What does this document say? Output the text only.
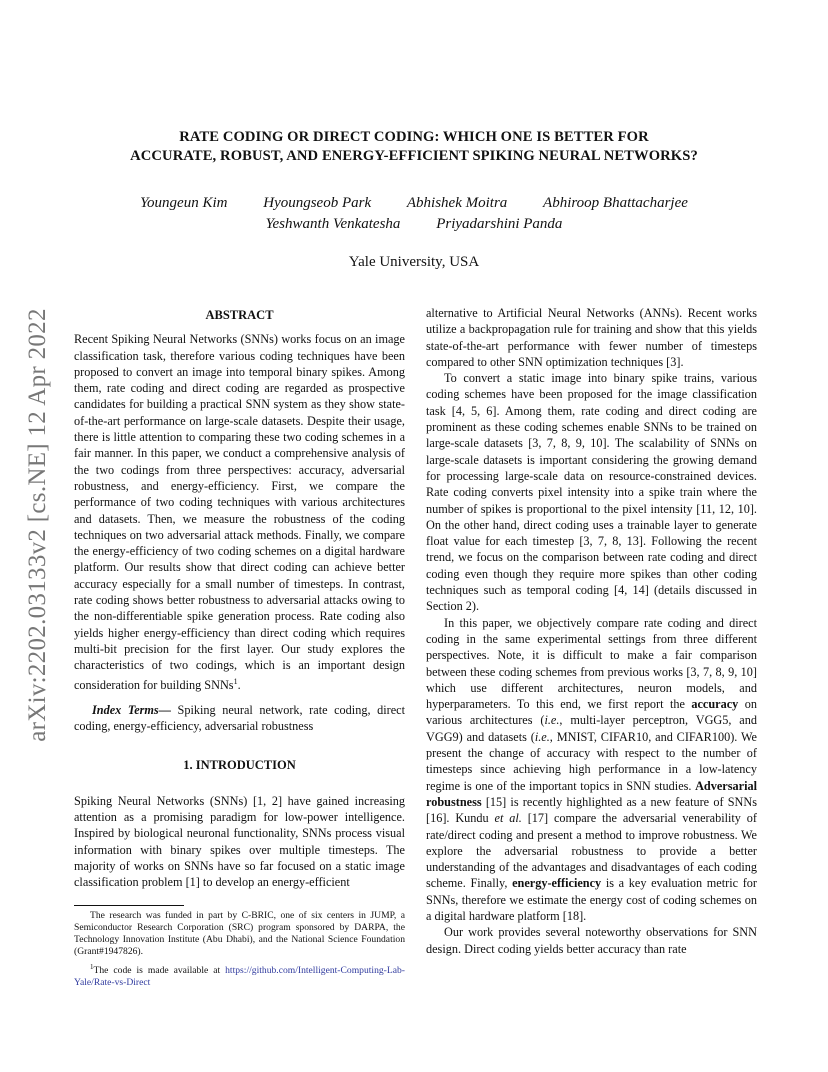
arXiv:2202.03133v2 [cs.NE] 12 Apr 2022
RATE CODING OR DIRECT CODING: WHICH ONE IS BETTER FOR
ACCURATE, ROBUST, AND ENERGY-EFFICIENT SPIKING NEURAL NETWORKS?
Youngeun Kim Hyoungseob Park Abhishek Moitra Abhiroop Bhattacharjee
Yeshwanth Venkatesha Priyadarshini Panda
Yale University, USA
ABSTRACT

Recent Spiking Neural Networks (SNNs) works focus on an image classification task, therefore various coding techniques have been proposed to convert an image into temporal binary spikes. Among them, rate coding and direct coding are regarded as prospective candidates for building a practical SNN system as they show state-of-the-art performance on large-scale datasets. Despite their usage, there is little attention to comparing these two coding schemes in a fair manner. In this paper, we conduct a comprehensive analysis of the two codings from three perspectives: accuracy, adversarial robustness, and energy-efficiency. First, we compare the performance of two coding techniques with various architectures and datasets. Then, we measure the robustness of the coding techniques on two adversarial attack methods. Finally, we compare the energy-efficiency of two coding schemes on a digital hardware platform. Our results show that direct coding can achieve better accuracy especially for a small number of timesteps. In contrast, rate coding shows better robustness to adversarial attacks owing to the non-differentiable spike generation process. Rate coding also yields higher energy-efficiency than direct coding which requires multi-bit precision for the first layer. Our study explores the characteristics of two codings, which is an important design consideration for building SNNs$^1$.

Index Terms— Spiking neural network, rate coding, direct coding, energy-efficiency, adversarial robustness

1. INTRODUCTION

Spiking Neural Networks (SNNs) [1, 2] have gained increasing attention as a promising paradigm for low-power intelligence. Inspired by biological neuronal functionality, SNNs process visual information with binary spikes over multiple timesteps. The majority of works on SNNs have so far focused on a static image classification problem [1] to develop an energy-efficient

The research was funded in part by C-BRIC, one of six centers in JUMP, a Semiconductor Research Corporation (SRC) program sponsored by DARPA, the Technology Innovation Institute (Abu Dhabi), and the National Science Foundation (Grant#1947826).

$^1$The code is made available at https://github.com/Intelligent-Computing-Lab-Yale/Rate-vs-Direct

alternative to Artificial Neural Networks (ANNs). Recent works utilize a backpropagation rule for training and show that this yields state-of-the-art performance with fewer number of timesteps compared to other SNN optimization techniques [3].

To convert a static image into binary spike trains, various coding schemes have been proposed for the image classification task [4, 5, 6]. Among them, rate coding and direct coding are prominent as these coding schemes enable SNNs to be trained on large-scale datasets [3, 7, 8, 9, 10]. The scalability of SNNs on large-scale datasets is important considering the growing demand for processing large-scale data on resource-constrained devices. Rate coding converts pixel intensity into a spike train where the number of spikes is proportional to the pixel intensity [11, 12, 10]. On the other hand, direct coding uses a trainable layer to generate float value for each timestep [3, 7, 8, 13]. Following the recent trend, we focus on the comparison between rate coding and direct coding even though they require more spikes than other coding techniques such as temporal coding [4, 14] (details discussed in Section 2).

In this paper, we objectively compare rate coding and direct coding in the same experimental settings from three different perspectives. Note, it is difficult to make a fair comparison between these coding schemes from previous works [3, 7, 8, 9, 10] which use different architectures, neuron models, and hyperparameters. To this end, we first report the accuracy on various architectures (i.e., multi-layer perceptron, VGG5, and VGG9) and datasets (i.e., MNIST, CIFAR10, and CIFAR100). We present the change of accuracy with respect to the number of timesteps since achieving high performance in a low-latency regime is one of the important topics in SNN studies. Adversarial robustness [15] is recently highlighted as a new feature of SNNs [16]. Kundu et al. [17] compare the adversarial venerability of rate/direct coding and present a method to improve robustness. We explore the adversarial robustness to provide a better understanding of the advantages and disadvantages of each coding scheme. Finally, energy-efficiency is a key evaluation metric for SNNs, therefore we estimate the energy cost of coding schemes on a digital hardware platform [18].

Our work provides several noteworthy observations for SNN design. Direct coding yields better accuracy than rate
